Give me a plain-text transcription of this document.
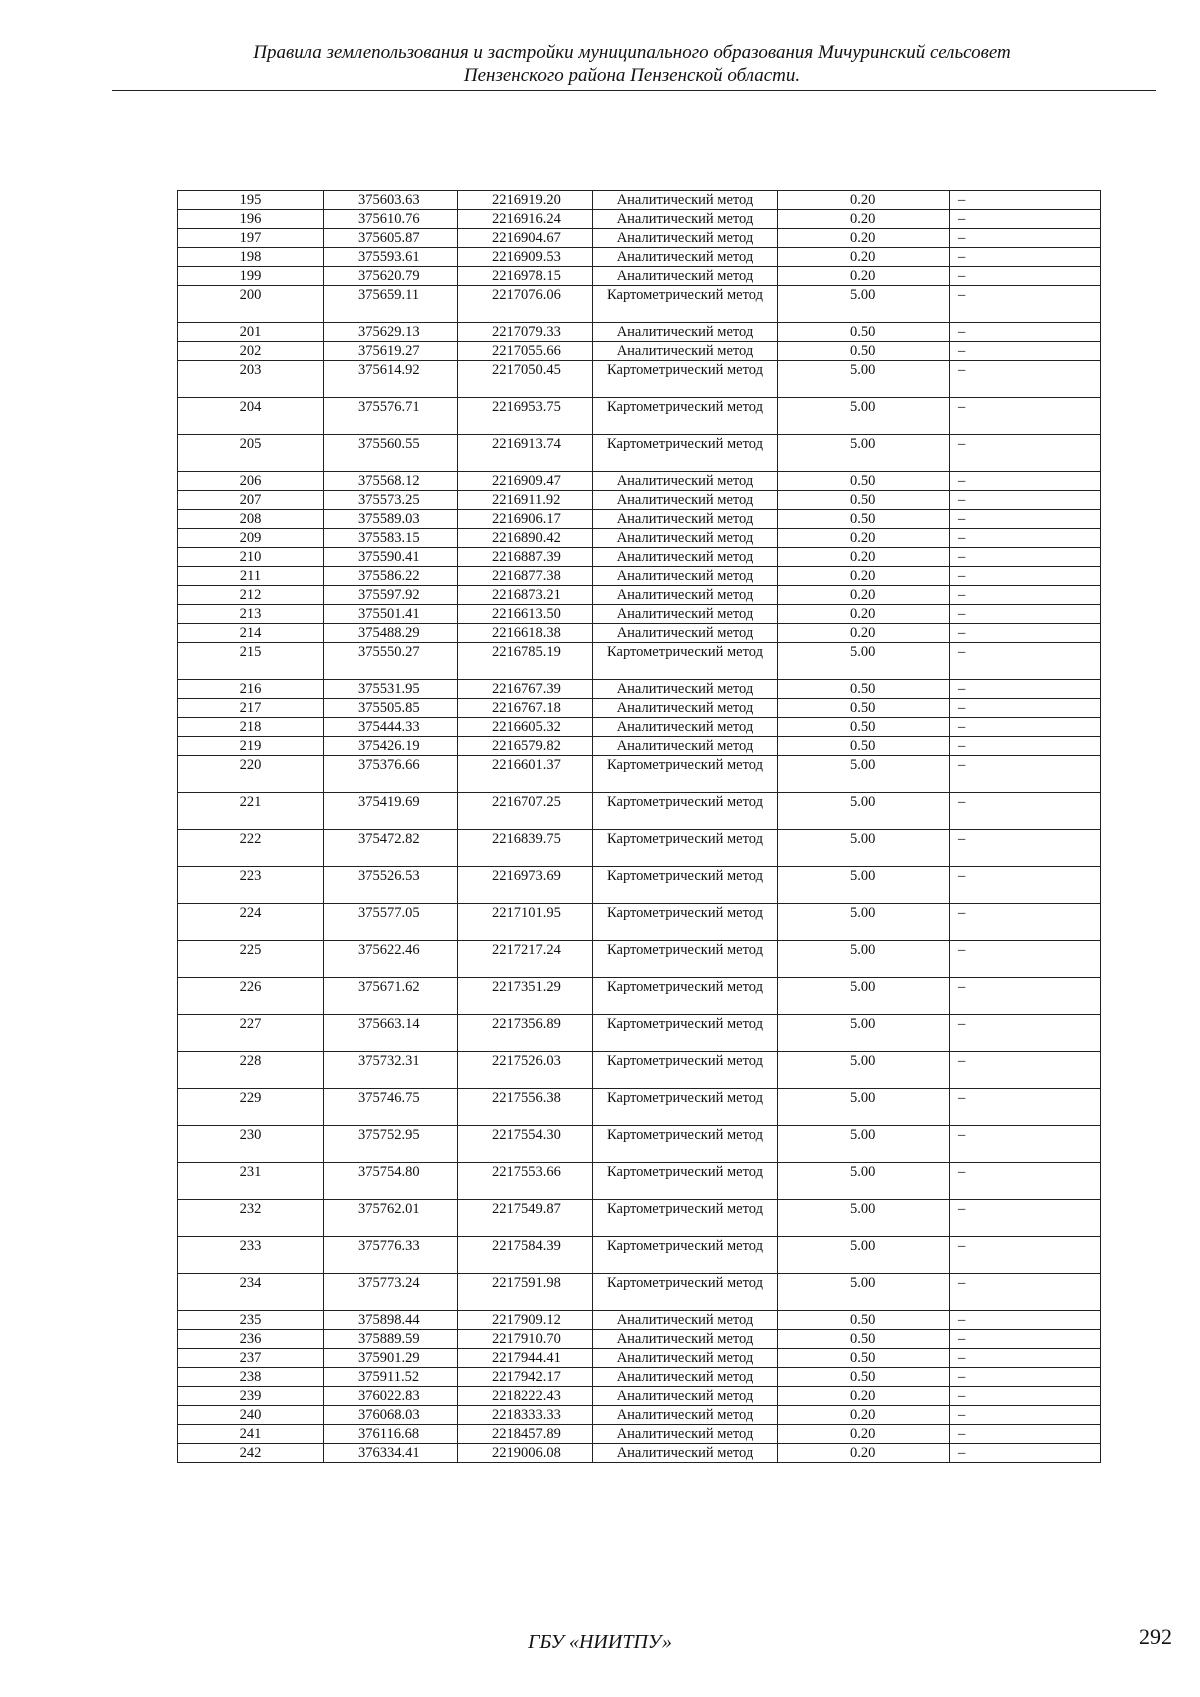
Правила землепользования и застройки муниципального образования Мичуринский сельсовет
Пензенского района Пензенской области.
195	375603.63	2216919.20	Аналитический метод	0.20	–
196	375610.76	2216916.24	Аналитический метод	0.20	–
197	375605.87	2216904.67	Аналитический метод	0.20	–
198	375593.61	2216909.53	Аналитический метод	0.20	–
199	375620.79	2216978.15	Аналитический метод	0.20	–
200	375659.11	2217076.06	Картометрический метод	5.00	–
201	375629.13	2217079.33	Аналитический метод	0.50	–
202	375619.27	2217055.66	Аналитический метод	0.50	–
203	375614.92	2217050.45	Картометрический метод	5.00	–
204	375576.71	2216953.75	Картометрический метод	5.00	–
205	375560.55	2216913.74	Картометрический метод	5.00	–
206	375568.12	2216909.47	Аналитический метод	0.50	–
207	375573.25	2216911.92	Аналитический метод	0.50	–
208	375589.03	2216906.17	Аналитический метод	0.50	–
209	375583.15	2216890.42	Аналитический метод	0.20	–
210	375590.41	2216887.39	Аналитический метод	0.20	–
211	375586.22	2216877.38	Аналитический метод	0.20	–
212	375597.92	2216873.21	Аналитический метод	0.20	–
213	375501.41	2216613.50	Аналитический метод	0.20	–
214	375488.29	2216618.38	Аналитический метод	0.20	–
215	375550.27	2216785.19	Картометрический метод	5.00	–
216	375531.95	2216767.39	Аналитический метод	0.50	–
217	375505.85	2216767.18	Аналитический метод	0.50	–
218	375444.33	2216605.32	Аналитический метод	0.50	–
219	375426.19	2216579.82	Аналитический метод	0.50	–
220	375376.66	2216601.37	Картометрический метод	5.00	–
221	375419.69	2216707.25	Картометрический метод	5.00	–
222	375472.82	2216839.75	Картометрический метод	5.00	–
223	375526.53	2216973.69	Картометрический метод	5.00	–
224	375577.05	2217101.95	Картометрический метод	5.00	–
225	375622.46	2217217.24	Картометрический метод	5.00	–
226	375671.62	2217351.29	Картометрический метод	5.00	–
227	375663.14	2217356.89	Картометрический метод	5.00	–
228	375732.31	2217526.03	Картометрический метод	5.00	–
229	375746.75	2217556.38	Картометрический метод	5.00	–
230	375752.95	2217554.30	Картометрический метод	5.00	–
231	375754.80	2217553.66	Картометрический метод	5.00	–
232	375762.01	2217549.87	Картометрический метод	5.00	–
233	375776.33	2217584.39	Картометрический метод	5.00	–
234	375773.24	2217591.98	Картометрический метод	5.00	–
235	375898.44	2217909.12	Аналитический метод	0.50	–
236	375889.59	2217910.70	Аналитический метод	0.50	–
237	375901.29	2217944.41	Аналитический метод	0.50	–
238	375911.52	2217942.17	Аналитический метод	0.50	–
239	376022.83	2218222.43	Аналитический метод	0.20	–
240	376068.03	2218333.33	Аналитический метод	0.20	–
241	376116.68	2218457.89	Аналитический метод	0.20	–
242	376334.41	2219006.08	Аналитический метод	0.20	–
ГБУ «НИИТПУ»	292
